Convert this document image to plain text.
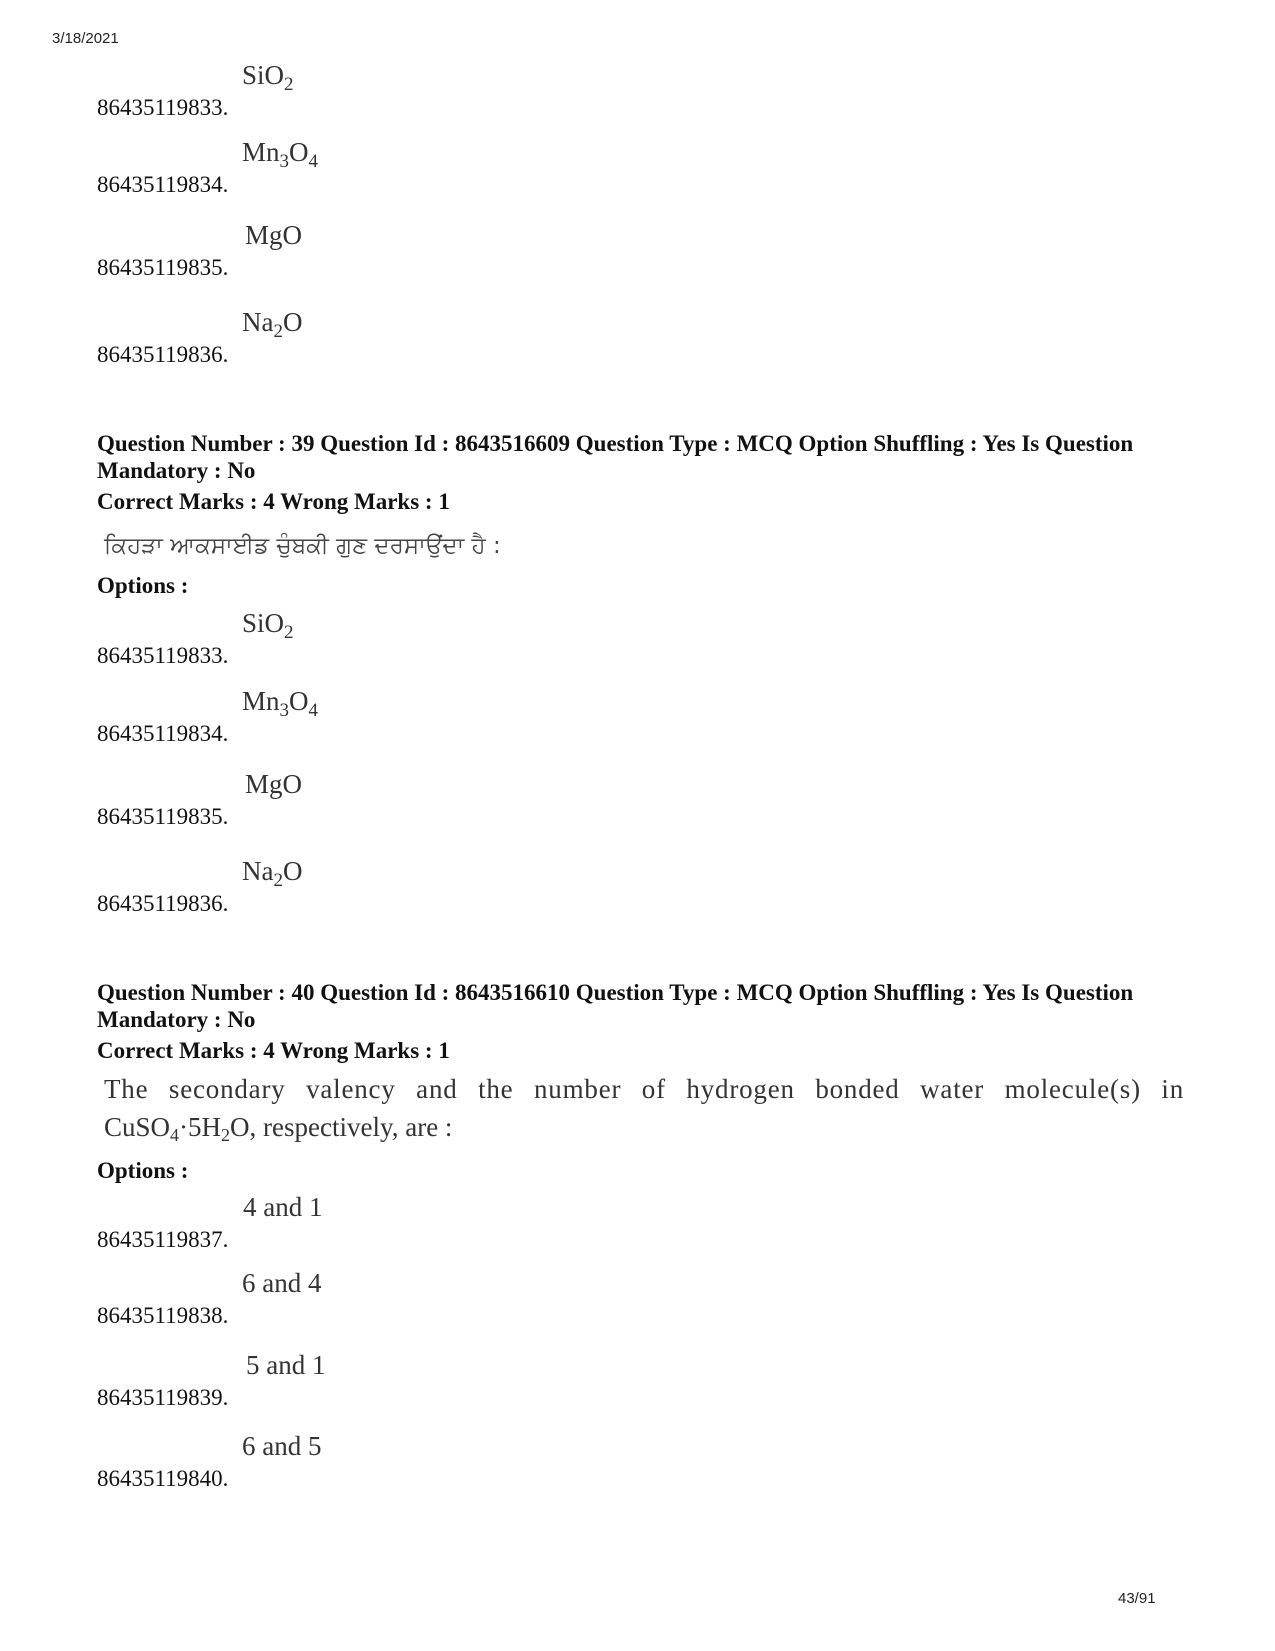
3/18/2021
86435119833.
SiO$_2$
86435119834.
$Mn_3O_4$
86435119835.
MgO
86435119836.
$Na_2O$
Question Number : 39 Question Id : 8643516609 Question Type : MCQ Option Shuffling : Yes Is Question Mandatory : No
Correct Marks : 4 Wrong Marks : 1
ਕਿਹੜਾ ਆਕਸਾਈਡ ਚੁੰਬਕੀ ਗੁਣ ਦਰਸਾਉਂਦਾ ਹੈ :
Options :
86435119833.
SiO$_2$
86435119834.
$Mn_3O_4$
86435119835.
MgO
86435119836.
$Na_2O$
Question Number : 40 Question Id : 8643516610 Question Type : MCQ Option Shuffling : Yes Is Question Mandatory : No
Correct Marks : 4 Wrong Marks : 1
The secondary valency and the number of hydrogen bonded water molecule(s) in
$CuSO_4\cdot 5H_2O$, respectively, are :
Options :
86435119837.
4 and 1
86435119838.
6 and 4
86435119839.
5 and 1
86435119840.
6 and 5
43/91
